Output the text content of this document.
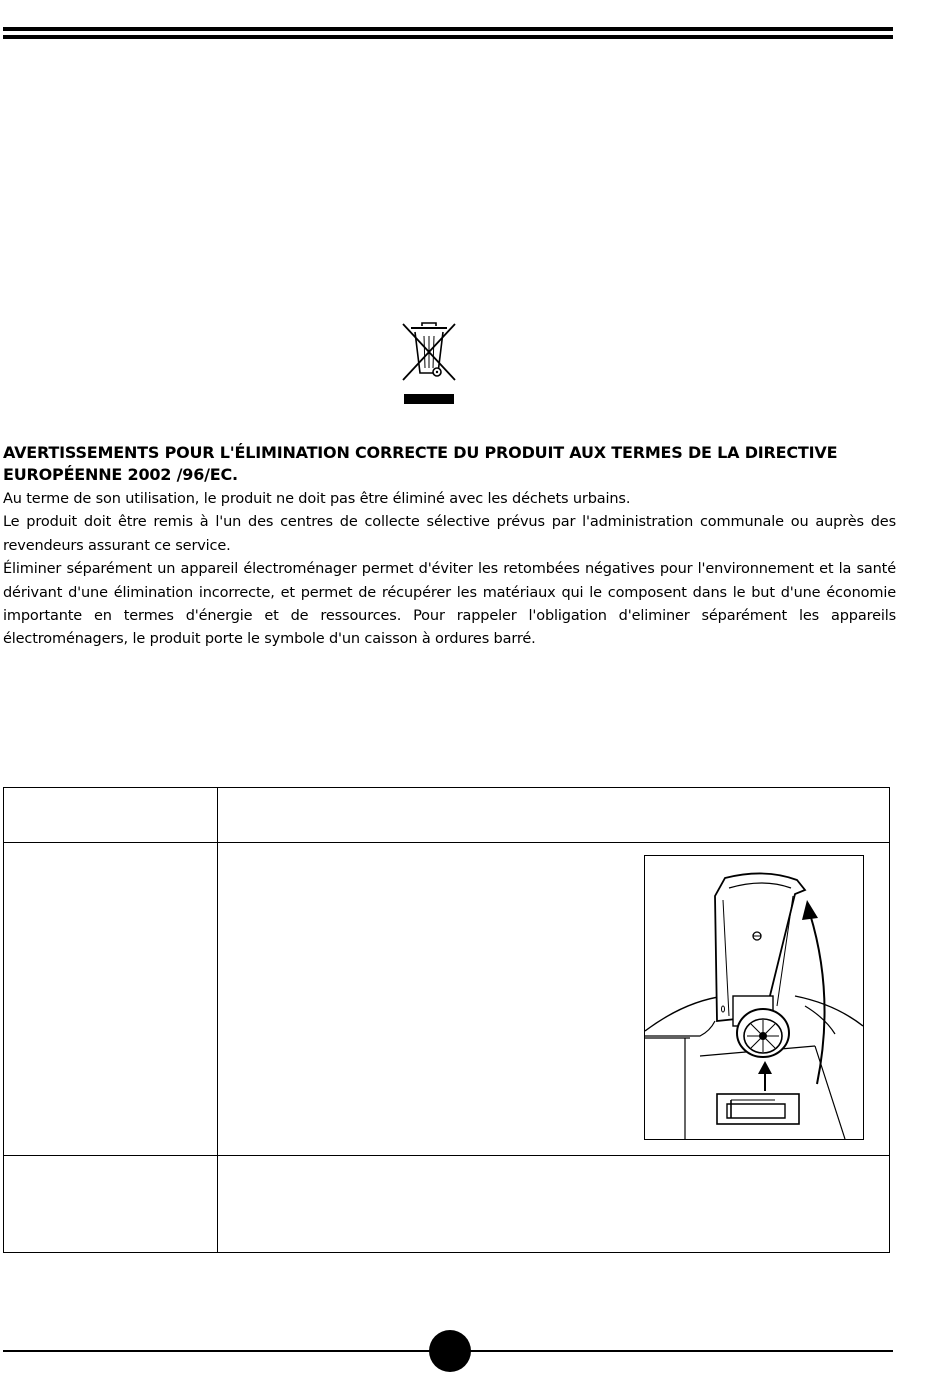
AVERTISSEMENTS POUR L'ÉLIMINATION CORRECTE DU PRODUIT AUX TERMES DE LA DIRECTIVE EUROPÉENNE 2002 /96/EC.

Au terme de son utilisation, le produit ne doit pas être éliminé avec les déchets urbains.

Le produit doit être remis à l'un des centres de collecte sélective prévus par l'administration communale ou auprès des revendeurs assurant ce service.

Éliminer séparément un appareil électroménager permet d'éviter les retombées négatives pour l'environnement et la santé dérivant d'une élimination incorrecte, et permet de récupérer les matériaux qui le composent dans le but d'une économie importante en termes d'énergie et de ressources. Pour rappeler l'obligation d'eliminer séparément les appareils électroménagers, le produit porte le symbole d'un caisson à ordures barré.
